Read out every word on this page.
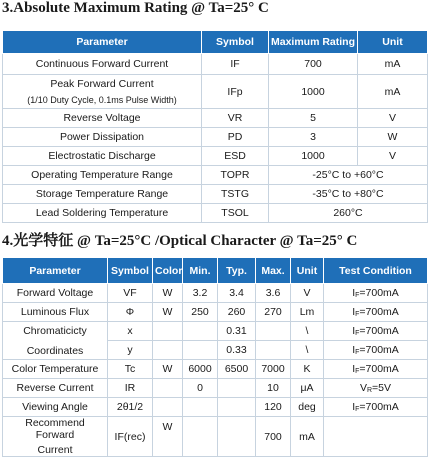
3.Absolute Maximum Rating @ Ta=25° C
Parameter	Symbol	Maximum Rating	Unit
Continuous Forward Current	IF	700	mA

Peak Forward Current
(1/10 Duty Cycle, 0.1ms Pulse Width)	IFp	1000	mA
Reverse Voltage	VR	5	V
Power Dissipation	PD	3	W
Electrostatic Discharge	ESD	1000	V
Operating Temperature Range	TOPR	-25°C to +60°C	
Storage Temperature Range	TSTG	-35°C to +80°C	
Lead Soldering Temperature	TSOL	260°C	
4.光学特征 @ Ta=25°C /Optical Character @ Ta=25° C
Parameter	Symbol	Color	Min.	Typ.	Max.	Unit	Test Condition
Forward Voltage	VF	W	3.2	3.4	3.6	V	$I_F=700mA$
Luminous Flux	Φ	W	250	260	270	Lm	$I_F=700mA$

Chromaticicty
Coordinates	x			0.31		\	$I_F=700mA$
	y			0.33		\	$I_F=700mA$
Color Temperature	Tc	W	6000	6500	7000	K	$I_F=700mA$
Reverse Current	IR		0		10	μA	$V_R=5V$
Viewing Angle	2θ1/2				120	deg	$I_F=700mA$

Recommend Forward
Current	IF(rec)	W			700	mA	
